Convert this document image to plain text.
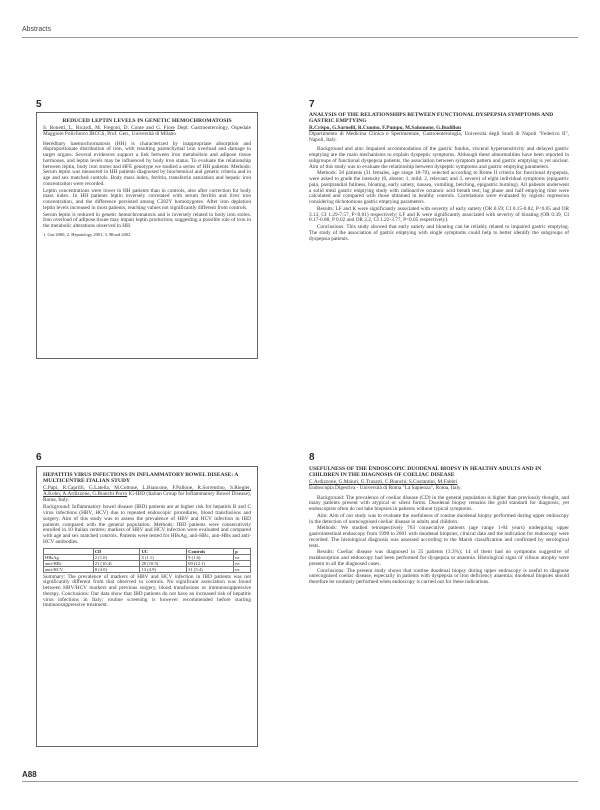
Abstracts
5
REDUCED LEPTIN LEVELS IN GENETIC HEMOCHROMATOSIS
S. Bonetti, L. Ricardi, M. Fregoni, D. Conte and G. Fiore Dept. Gastroenterology, Ospedale Maggiore Policlinico IRCCS, Prof. Gen., Università di Milano

Hereditary haemochromatosis (HH) is characterized by inappropriate absorption and disproportionate distribution of iron, with resulting parenchymal iron overload and damage to target organs. Several evidences support a link between iron metabolism and adipose tissue hormones, and leptin levels may be influenced by body iron status. To evaluate the relationship between leptin, body iron stores and HFE genotype we studied a series of HH patients. Methods: Serum leptin was measured in HH patients diagnosed by biochemical and genetic criteria and in age and sex matched controls. Body mass index, ferritin, transferrin saturation and hepatic iron concentration were recorded.

Leptin concentrations were lower in HH patients than in controls, also after correction for body mass index. In HH patients leptin inversely correlated with serum ferritin and liver iron concentration, and the difference persisted among C282Y homozygotes. After iron depletion leptin levels increased in most patients, reaching values not significantly different from controls.

Serum leptin is reduced in genetic hemochromatosis and is inversely related to body iron stores. Iron overload of adipose tissue may impair leptin production, suggesting a possible role of iron in the metabolic alterations observed in HH.

1. Gut 2000; 2. Hepatology 2001; 3. Blood 2002
7
ANALYSIS OF THE RELATIONSHIPS BETWEEN FUNCTIONAL DYSPEPSIA SYMPTOMS AND GASTRIC EMPTYING
R.Crispo, G.Sarnelli, R.Cuomo, F.Pumpo, M.Salomone, G.Budillon
Dipartimento di Medicina Clinica e Sperimentale, Gastroenterologia, Università degli Studi di Napoli "Federico II", Napoli, Italy.

Background and aim: Impaired accommodation of the gastric fundus, visceral hypersensitivity and delayed gastric emptying are the main mechanisms to explain dyspeptic symptoms. Although these abnormalities have been reported in subgroups of functional dyspepsia patients, the association between symptom pattern and gastric emptying is yet unclear. Aim of this study was to evaluate the relationship between dyspeptic symptoms and gastric emptying parameters.

Methods: 58 patients (31 females, age range 18-70), selected according to Rome II criteria for functional dyspepsia, were asked to grade the intensity (0, absent; 1, mild; 2, relevant; and 3, severe) of eight individual symptoms (epigastric pain, postprandial fullness, bloating, early satiety, nausea, vomiting, belching, epigastric burning). All patients underwent a solid meal gastric emptying study with radioactive octanoic acid breath test; lag phase and half emptying time were calculated and compared with those obtained in healthy controls. Correlations were evaluated by logistic regression considering dichotomous gastric emptying parameters.

Results: LF and K were significantly associated with severity of early satiety (OR 0.59; CI 0.15-0.82, P<0.05 and OR 3.13, CI 1.29-7.57, P<0.01) respectively; LF and K were significantly associated with severity of bloating (OR 0.39, CI 0.17-0.88, P 0.02 and OR 2.2, CI 1.22-3.77, P<0.05 respectively).

Conclusions: This study showed that early satiety and bloating can be reliably related to impaired gastric emptying. The study of the association of gastric emptying with single symptoms could help to better identify the subgroups of dyspepsia patients.

6
HEPATITIS VIRUS INFECTIONS IN INFLAMMATORY BOWEL DISEASE: A MULTICENTRE ITALIAN STUDY
C.Papi, R.Caprilli, G.Latella, M.Cottone, L.Biancone, F.Pallone, R.Sorrentino, S.Riegler, A.Kohn, A.Ardizzone, G.Bianchi Porro IG-IBD (Italian Group for Inflammatory Bowel Disease), Roma, Italy.

Background: Inflammatory bowel disease (IBD) patients are at higher risk for hepatitis B and C virus infections (HBV, HCV) due to repeated endoscopic procedures, blood transfusions and surgery. Aim of this study was to assess the prevalence of HBV and HCV infection in IBD patients compared with the general population. Methods: IBD patients were consecutively enrolled in 10 Italian centres; markers of HBV and HCV infection were evaluated and compared with age and sex matched controls. Patients were tested for HBsAg, anti-HBc, anti-HBs and anti-HCV antibodies.

	CD	UC	Controls	p
HBsAg	2 (1.0)	3 (1.1)	9 (1.6)	ns
anti-HBc	21 (10.4)	28 (10.5)	69 (12.1)	ns
anti-HCV	8 (4.0)	13 (4.9)	31 (5.4)	ns

Summary: The prevalence of markers of HBV and HCV infection in IBD patients was not significantly different from that observed in controls. No significant association was found between HBV/HCV markers and previous surgery, blood transfusions or immunosuppressive therapy. Conclusions: Our data show that IBD patients do not have an increased risk of hepatitis virus infections in Italy; routine screening is however recommended before starting immunosuppressive treatment.

8
USEFULNESS OF THE ENDOSCOPIC DUODENAL BIOPSY IN HEALTHY ADULTS AND IN CHILDREN IN THE DIAGNOSIS OF COELIAC DISEASE
C.Ardizzone, G.Maiuri, G.Trasarti, C.Bianchi, S.Costantini, M.Fabbri
Endoscopia Digestiva - Università di Roma "La Sapienza", Roma, Italy.

Background: The prevalence of coeliac disease (CD) in the general population is higher than previously thought, and many patients present with atypical or silent forms. Duodenal biopsy remains the gold standard for diagnosis, yet endoscopists often do not take biopsies in patients without typical symptoms.

Aim: Aim of our study was to evaluate the usefulness of routine duodenal biopsy performed during upper endoscopy in the detection of unrecognised coeliac disease in adults and children.

Methods: We studied retrospectively 763 consecutive patients (age range 1-84 years) undergoing upper gastrointestinal endoscopy from 1998 to 2001 with duodenal biopsies; clinical data and the indication for endoscopy were recorded. The histological diagnosis was assessed according to the Marsh classification and confirmed by serological tests.

Results: Coeliac disease was diagnosed in 25 patients (3.3%); 14 of them had no symptoms suggestive of malabsorption and endoscopy had been performed for dyspepsia or anaemia. Histological signs of villous atrophy were present in all the diagnosed cases.

Conclusions: The present study shows that routine duodenal biopsy during upper endoscopy is useful to diagnose unrecognised coeliac disease, especially in patients with dyspepsia or iron deficiency anaemia; duodenal biopsies should therefore be routinely performed when endoscopy is carried out for these indications.

A88
